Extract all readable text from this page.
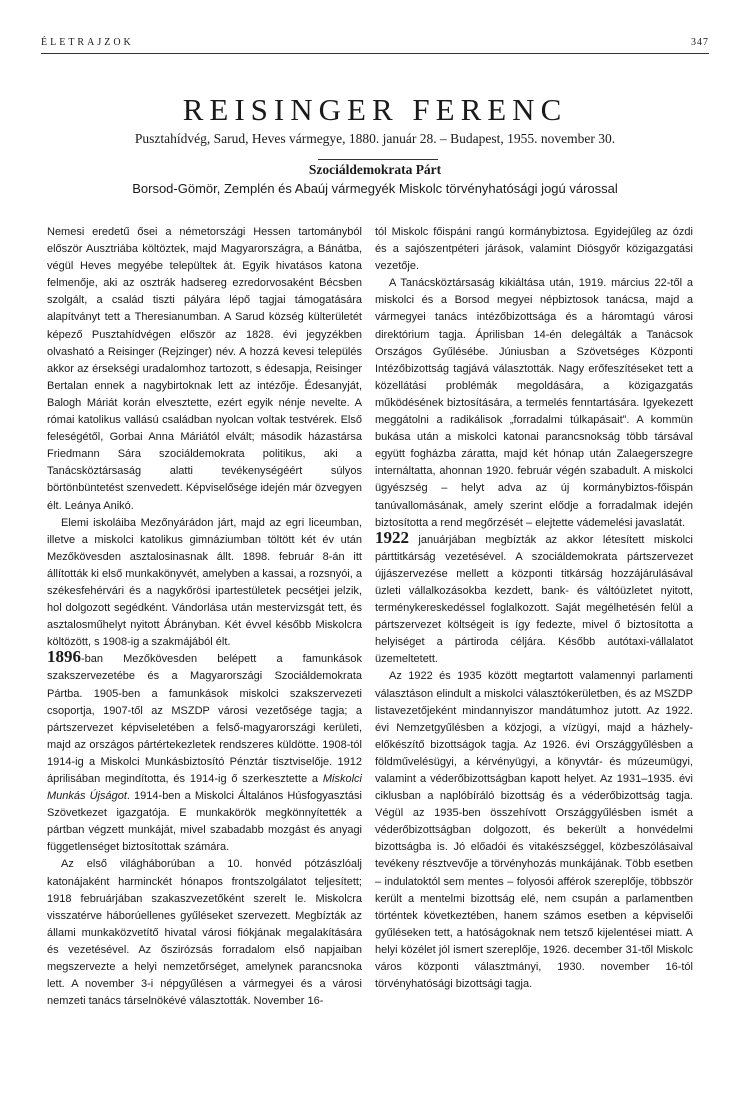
ÉLETRAJZOK	347
REISINGER FERENC
Pusztahídvég, Sarud, Heves vármegye, 1880. január 28. – Budapest, 1955. november 30.
Szociáldemokrata Párt
Borsod-Gömör, Zemplén és Abaúj vármegyék Miskolc törvényhatósági jogú várossal

Nemesi eredetű ősei a németországi Hessen tartományból először Ausztriába költöztek, majd Magyarországra, a Bánátba, végül Heves megyébe települtek át. Egyik hivatásos katona felmenője, aki az osztrák hadsereg ezredorvosaként Bécsben szolgált, a család tiszti pályára lépő tagjai támogatására alapítványt tett a Theresianumban. A Sarud község külterületét képező Pusztahídvégen először az 1828. évi jegyzékben olvasható a Reisinger (Rejzinger) név. A hozzá kevesi település akkor az érsekségi uradalomhoz tartozott, s édesapja, Reisinger Bertalan ennek a nagybirtoknak lett az intézője. Édesanyját, Balogh Máriát korán elvesztette, ezért egyik nénje nevelte. A római katolikus vallású családban nyolcan voltak testvérek. Első feleségétől, Gorbai Anna Máriától elvált; második házastársa Friedmann Sára szociáldemokrata politikus, aki a Tanácsköztársaság alatti tevékenységéért súlyos börtönbüntetést szenvedett. Képviselősége idején már özvegyen élt. Leánya Anikó.

Elemi iskoláiba Mezőnyárádon járt, majd az egri liceumban, illetve a miskolci katolikus gimnáziumban töltött két év után Mezőkövesden asztalosinasnak állt. 1898. február 8-án itt állították ki első munkakönyvét, amelyben a kassai, a rozsnyói, a székesfehérvári és a nagykőrösi ipartestületek pecsétjei jelzik, hol dolgozott segédként. Vándorlása után mestervizsgát tett, és asztalosműhelyt nyitott Ábrányban. Két évvel később Miskolcra költözött, s 1908-ig a szakmájából élt.

1896-ban Mezőkövesden belépett a famunkások szakszervezetébe és a Magyarországi Szociáldemokrata Pártba. 1905-ben a famunkások miskolci szakszervezeti csoportja, 1907-től az MSZDP városi vezetősége tagja; a pártszervezet képviseletében a felső-magyarországi kerületi, majd az országos pártértekezletek rendszeres küldötte. 1908-tól 1914-ig a Miskolci Munkásbiztosító Pénztár tisztviselője. 1912 áprilisában megindította, és 1914-ig ő szerkesztette a Miskolci Munkás Újságot. 1914-ben a Miskolci Általános Húsfogyasztási Szövetkezet igazgatója. E munkakörök megkönnyítették a pártban végzett munkáját, mivel szabadabb mozgást és anyagi függetlenséget biztosítottak számára.

Az első világháborúban a 10. honvéd pótzászlóalj katonájaként harminckét hónapos frontszolgálatot teljesített; 1918 februárjában szakaszvezetőként szerelt le. Miskolcra visszatérve háborúellenes gyűléseket szervezett. Megbízták az állami munkaközvetítő hivatal városi fiókjának megalakítására és vezetésével. Az őszirózsás forradalom első napjaiban megszervezte a helyi nemzetőrséget, amelynek parancsnoka lett. A november 3-i népgyűlésen a vármegyei és a városi nemzeti tanács társelnökévé választották. November 16-

tól Miskolc főispáni rangú kormánybiztosa. Egyidejűleg az ózdi és a sajószentpéteri járások, valamint Diósgyőr közigazgatási vezetője.

A Tanácsköztársaság kikiáltása után, 1919. március 22-től a miskolci és a Borsod megyei népbiztosok tanácsa, majd a vármegyei tanács intézőbizottsága és a háromtagú városi direktórium tagja. Áprilisban 14-én delegálták a Tanácsok Országos Gyűlésébe. Júniusban a Szövetséges Központi Intézőbizottság tagjává választották. Nagy erőfeszítéseket tett a közellátási problémák megoldására, a közigazgatás működésének biztosítására, a termelés fenntartására. Igyekezett meggátolni a radikálisok „forradalmi túlkapásait”. A kommün bukása után a miskolci katonai parancsnokság több társával együtt fogházba záratta, majd két hónap után Zalaegerszegre internáltatta, ahonnan 1920. február végén szabadult. A miskolci ügyészség – helyt adva az új kormánybiztos-főispán tanúvallomásának, amely szerint elődje a forradalmak idején biztosította a rend megőrzését – elejtette vádemelési javaslatát.

1922 januárjában megbízták az akkor létesített miskolci párttitkárság vezetésével. A szociáldemokrata pártszervezet újjászervezése mellett a központi titkárság hozzájárulásával üzleti vállalkozásokba kezdett, bank- és váltóüzletet nyitott, terménykereskedéssel foglalkozott. Saját megélhetésén felül a pártszervezet költségeit is így fedezte, mivel ő biztosította a helyiséget a pártiroda céljára. Később autótaxi-vállalatot üzemeltetett.

Az 1922 és 1935 között megtartott valamennyi parlamenti választáson elindult a miskolci választókerületben, és az MSZDP listavezetőjeként mindannyiszor mandátumhoz jutott. Az 1922. évi Nemzetgyűlésben a közjogi, a vízügyi, majd a házhely-előkészítő bizottságok tagja. Az 1926. évi Országgyűlésben a földművelésügyi, a kérvényügyi, a könyvtár- és múzeumügyi, valamint a véderőbizottságban kapott helyet. Az 1931–1935. évi ciklusban a naplóbíráló bizottság és a véderőbizottság tagja. Végül az 1935-ben összehívott Országgyűlésben ismét a véderőbizottságban dolgozott, és bekerült a honvédelmi bizottságba is. Jó előadói és vitakészséggel, közbeszólásaival tevékeny résztvevője a törvényhozás munkájának. Több esetben – indulatoktól sem mentes – folyosói afférok szereplője, többször került a mentelmi bizottság elé, nem csupán a parlamentben történtek következtében, hanem számos esetben a képviselői gyűléseken tett, a hatóságoknak nem tetsző kijelentései miatt. A helyi közélet jól ismert szereplője, 1926. december 31-től Miskolc város központi választmányi, 1930. november 16-tól törvényhatósági bizottsági tagja.
